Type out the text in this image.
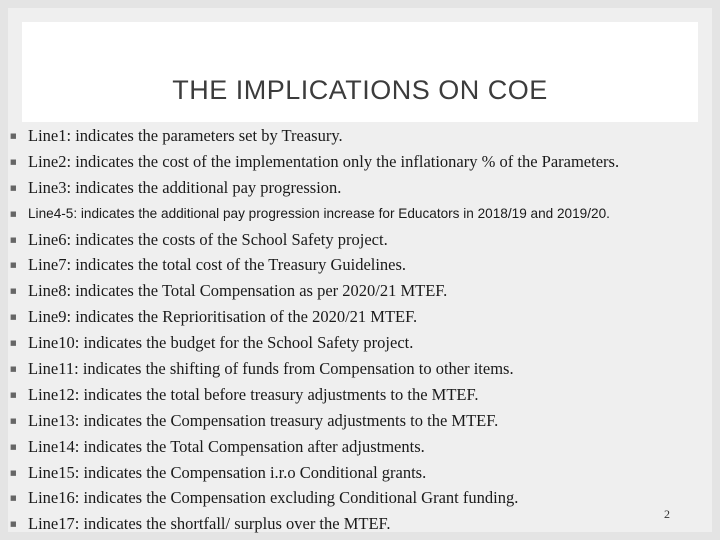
THE IMPLICATIONS ON COE
■ Line1: indicates the parameters set by Treasury.
■ Line2: indicates the cost of the implementation only the inflationary % of the Parameters.
■ Line3: indicates the additional pay progression.
■ Line4-5: indicates the additional pay progression increase for Educators in 2018/19 and 2019/20.
■ Line6: indicates the costs of the School Safety project.
■ Line7: indicates the total cost of the Treasury Guidelines.
■ Line8: indicates the Total Compensation as per 2020/21 MTEF.
■ Line9: indicates the Reprioritisation of the 2020/21 MTEF.
■ Line10: indicates the budget for the School Safety project.
■ Line11: indicates the shifting of funds from Compensation to other items.
■ Line12: indicates the total before treasury adjustments to the MTEF.
■ Line13: indicates the Compensation treasury adjustments to the MTEF.
■ Line14: indicates the Total Compensation after adjustments.
■ Line15: indicates the Compensation i.r.o Conditional grants.
■ Line16: indicates the Compensation excluding Conditional Grant funding.
■ Line17: indicates the shortfall/ surplus over the MTEF.
2
